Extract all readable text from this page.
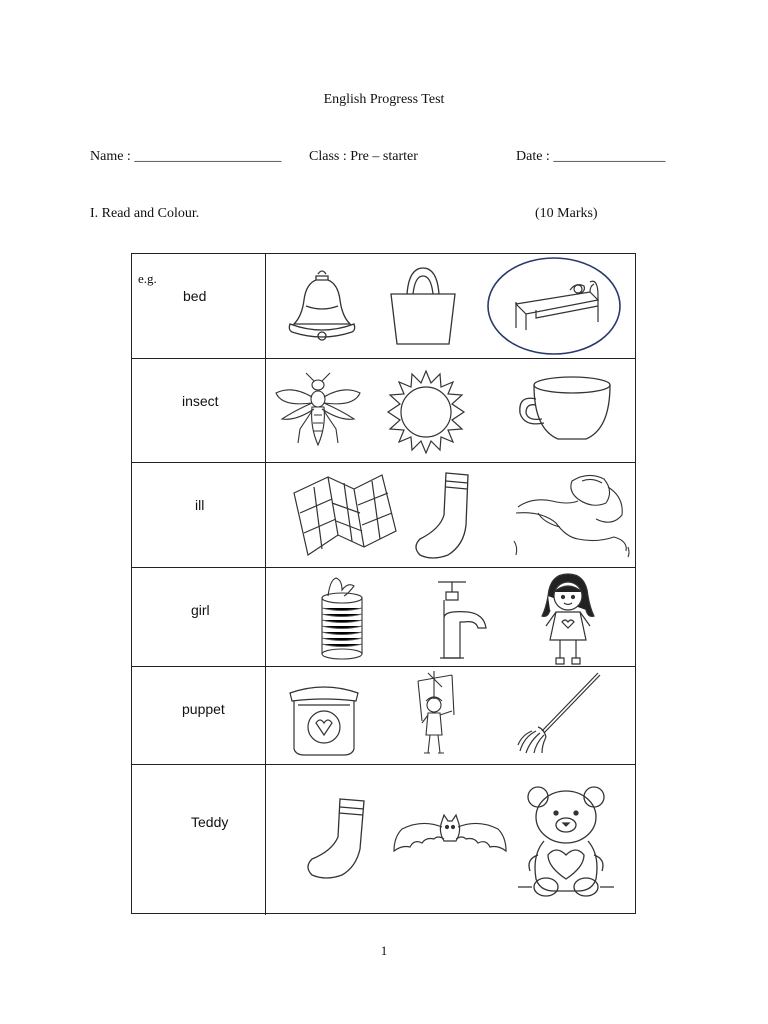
English Progress Test
Name : _____________________ Class : Pre – starter	Date : ________________
I. Read and Colour.	(10 Marks)
e.g.
bed
insect
ill
girl
puppet
Teddy
1
